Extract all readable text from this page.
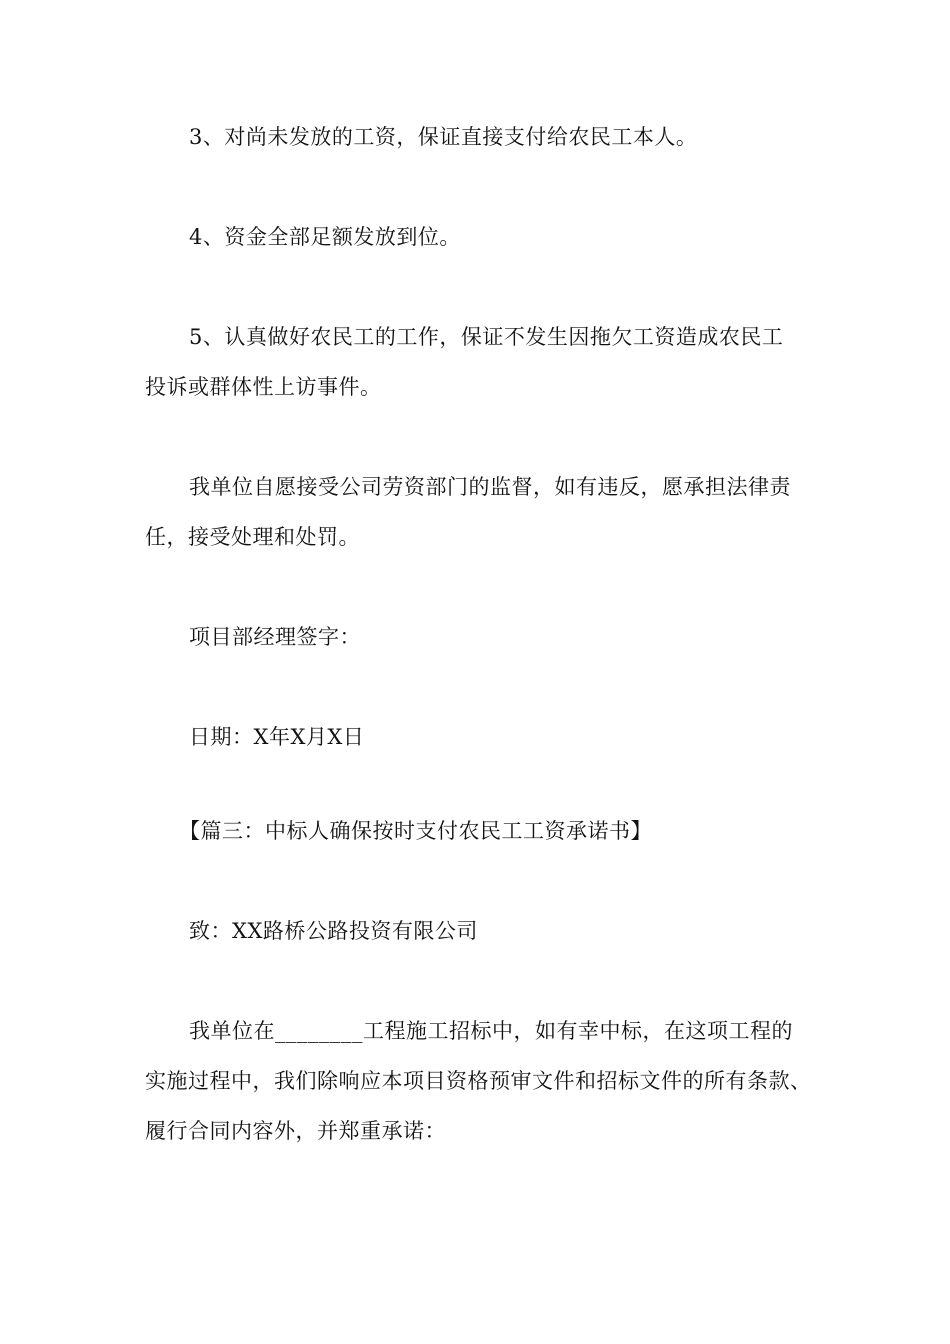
3、对尚未发放的工资，保证直接支付给农民工本人。

4、资金全部足额发放到位。

5、认真做好农民工的工作，保证不发生因拖欠工资造成农民工
投诉或群体性上访事件。

我单位自愿接受公司劳资部门的监督，如有违反，愿承担法律责
任，接受处理和处罚。

项目部经理签字：

日期：X年X月X日

【篇三：中标人确保按时支付农民工工资承诺书】

致：XX路桥公路投资有限公司

我单位在________工程施工招标中，如有幸中标，在这项工程的
实施过程中，我们除响应本项目资格预审文件和招标文件的所有条款、
履行合同内容外，并郑重承诺：
